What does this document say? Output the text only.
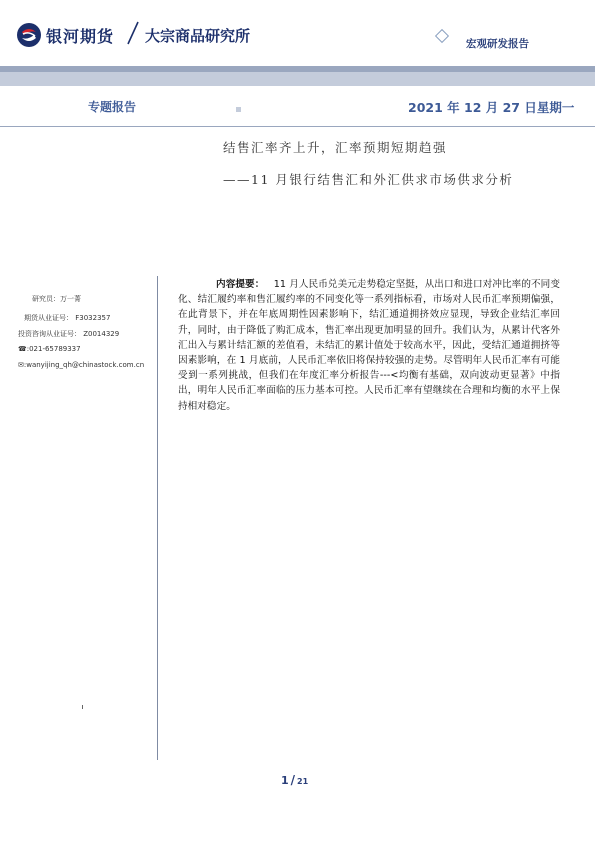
银河期货 大宗商品研究所	宏观研发报告
专题报告	2021 年 12 月 27 日星期一
结售汇率齐上升，汇率预期短期趋强
——11 月银行结售汇和外汇供求市场供求分析
研究员：万一菁
期货从业证号： F3032357
投资咨询从业证号： Z0014329
☎:021-65789337
✉:wanyijing_qh@chinastock.com.cn
内容提要： 11 月人民币兑美元走势稳定坚挺，从出口和进口对冲比率的不同变化、结汇履约率和售汇履约率的不同变化等一系列指标看，市场对人民币汇率预期偏强，在此背景下，并在年底周期性因素影响下，结汇通道拥挤效应显现，导致企业结汇率回升，同时，由于降低了购汇成本，售汇率出现更加明显的回升。我们认为，从累计代客外汇出入与累计结汇额的差值看，未结汇的累计值处于较高水平，因此，受结汇通道拥挤等因素影响，在 1 月底前，人民币汇率依旧将保持较强的走势。尽管明年人民币汇率有可能受到一系列挑战，但我们在年度汇率分析报告---<均衡有基础，双向波动更显著》中指出，明年人民币汇率面临的压力基本可控。人民币汇率有望继续在合理和均衡的水平上保持相对稳定。
1 / 21
